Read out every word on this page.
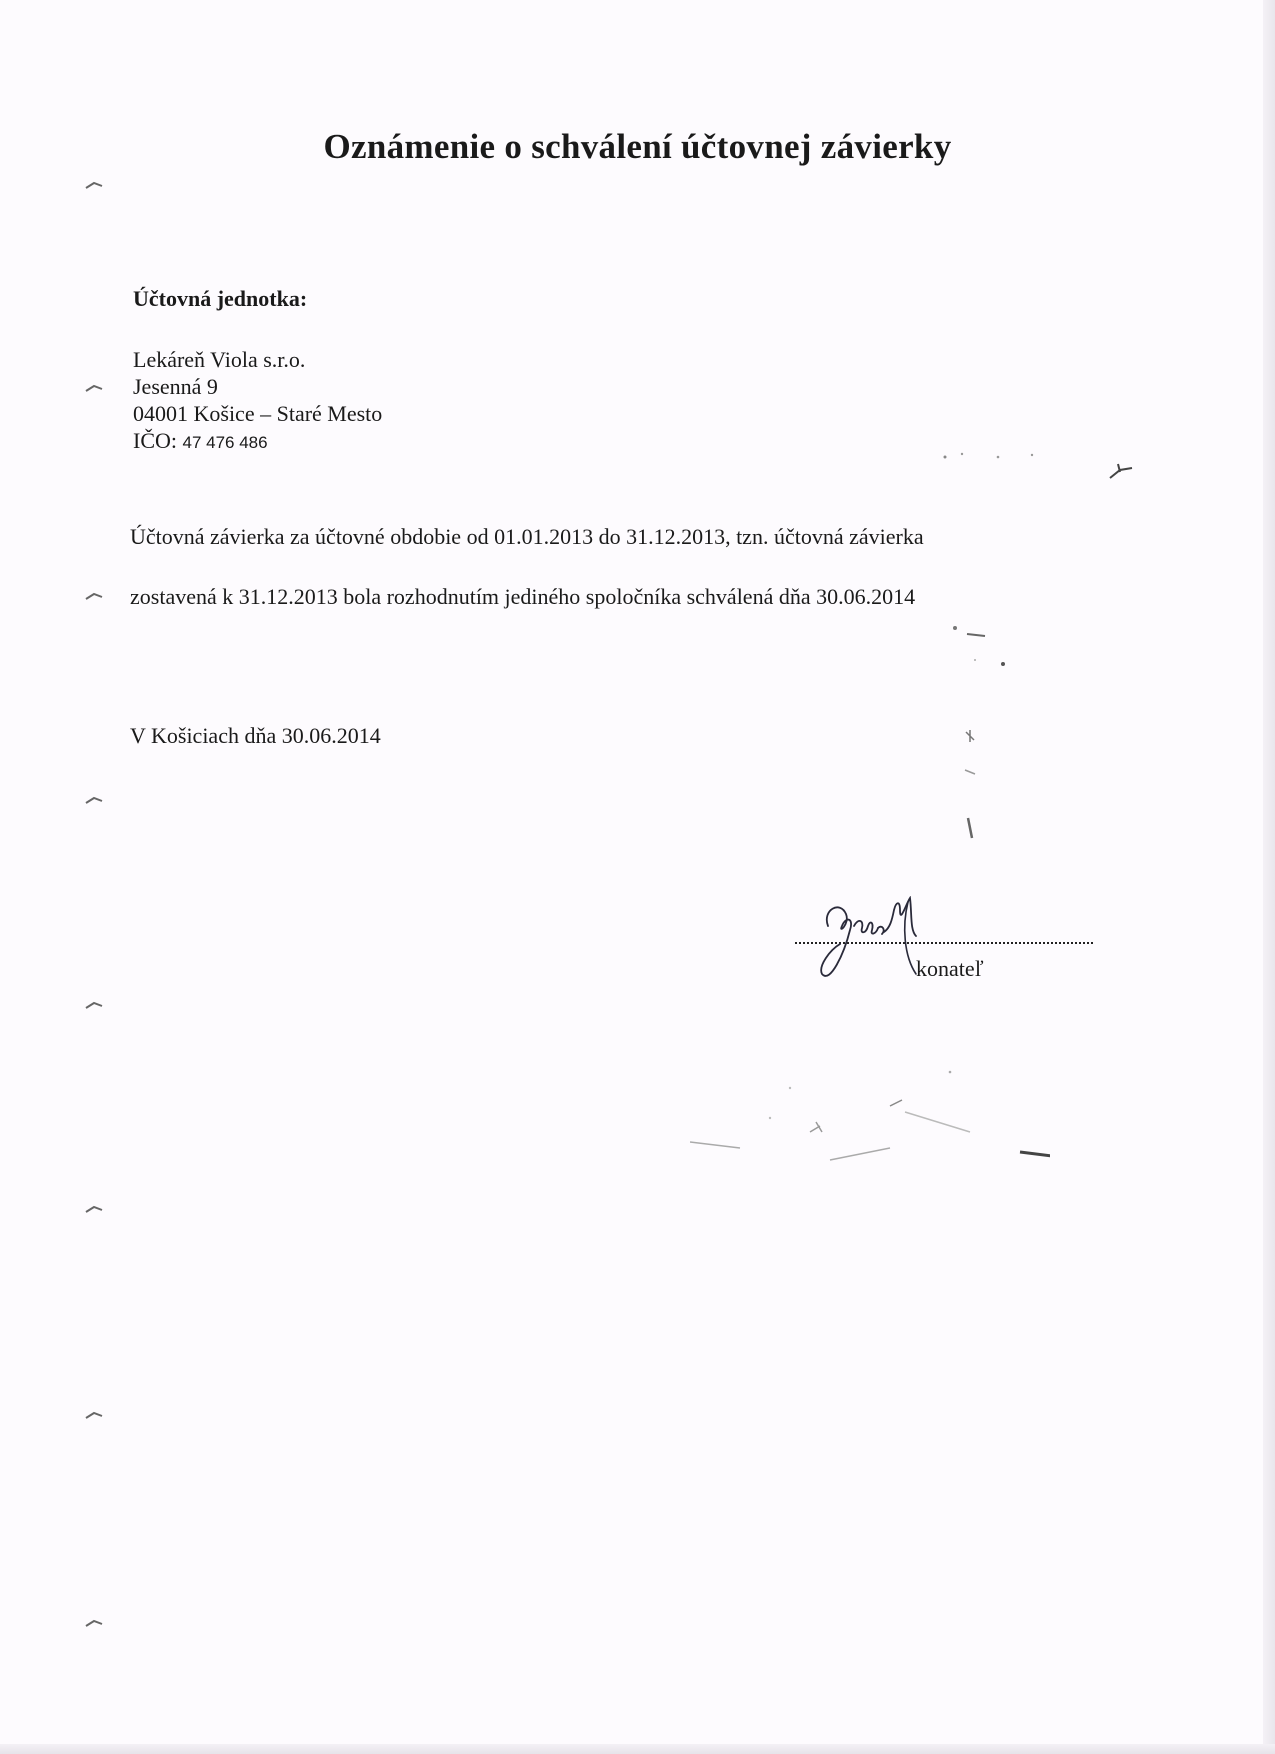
Oznámenie o schválení účtovnej závierky
Účtovná jednotka:
Lekáreň Viola s.r.o.
Jesenná 9
04001 Košice – Staré Mesto
IČO: 47 476 486
Účtovná závierka za účtovné obdobie od 01.01.2013 do 31.12.2013, tzn. účtovná závierka
zostavená k 31.12.2013 bola rozhodnutím jediného spoločníka schválená dňa 30.06.2014
V Košiciach dňa 30.06.2014
konateľ
